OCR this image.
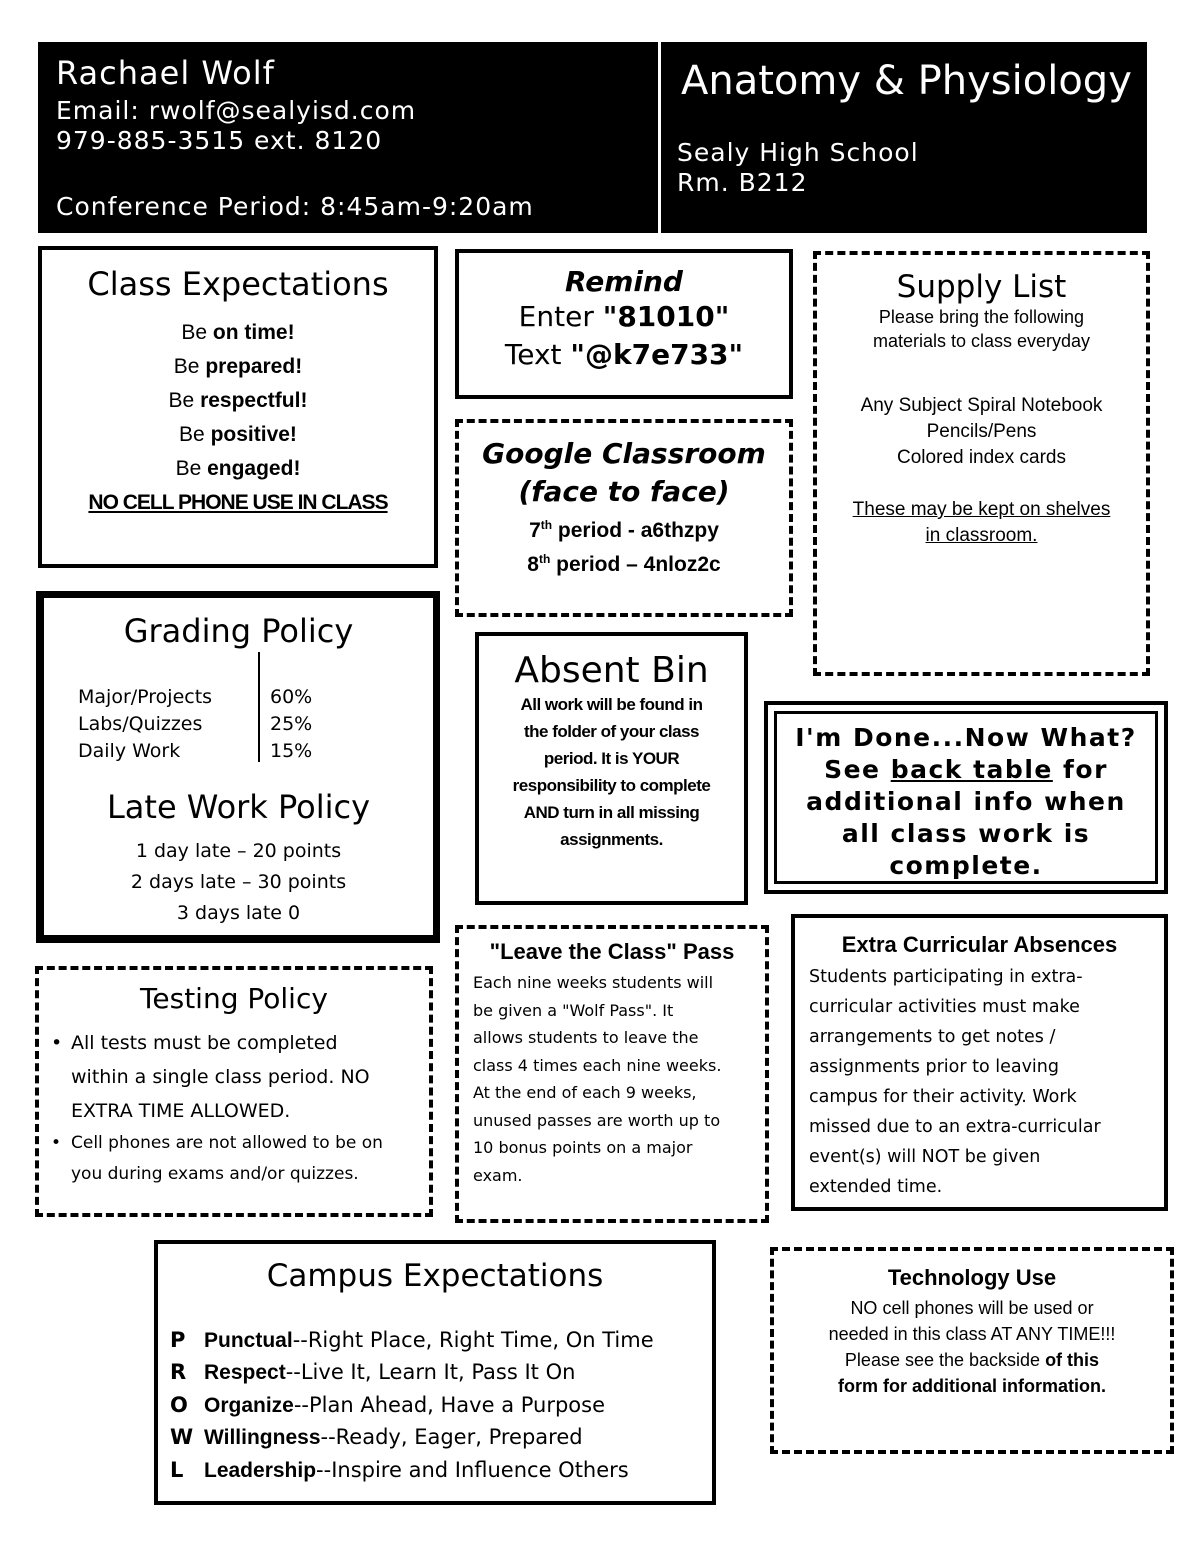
Rachael Wolf
Email: rwolf@sealyisd.com
979-885-3515 ext. 8120
Conference Period: 8:45am-9:20am
Anatomy & Physiology
Sealy High School
Rm. B212
Class Expectations
Be on time!
Be prepared!
Be respectful!
Be positive!
Be engaged!
NO CELL PHONE USE IN CLASS
Remind
Enter "81010"
Text "@k7e733"
Google Classroom
(face to face)
7th period - a6thzpy
8th period – 4nloz2c
Supply List
Please bring the following
materials to class everyday
Any Subject Spiral Notebook
Pencils/Pens
Colored index cards
These may be kept on shelves
in classroom.
Grading Policy
Major/Projects	60%
Labs/Quizzes	25%
Daily Work	15%
Late Work Policy
1 day late – 20 points
2 days late – 30 points
3 days late 0
Absent Bin
All work will be found in
the folder of your class
period. It is YOUR
responsibility to complete
AND turn in all missing
assignments.
I'm Done...Now What?
See back table for
additional info when
all class work is
complete.
Testing Policy
• All tests must be completed
within a single class period. NO
EXTRA TIME ALLOWED.
• Cell phones are not allowed to be on
you during exams and/or quizzes.
"Leave the Class" Pass
Each nine weeks students will
be given a "Wolf Pass". It
allows students to leave the
class 4 times each nine weeks.
At the end of each 9 weeks,
unused passes are worth up to
10 bonus points on a major
exam.
Extra Curricular Absences
Students participating in extra-
curricular activities must make
arrangements to get notes /
assignments prior to leaving
campus for their activity. Work
missed due to an extra-curricular
event(s) will NOT be given
extended time.
Campus Expectations
P Punctual--Right Place, Right Time, On Time
R Respect--Live It, Learn It, Pass It On
O Organize--Plan Ahead, Have a Purpose
W Willingness--Ready, Eager, Prepared
L Leadership--Inspire and Influence Others
Technology Use
NO cell phones will be used or
needed in this class AT ANY TIME!!!
Please see the backside of this
form for additional information.
